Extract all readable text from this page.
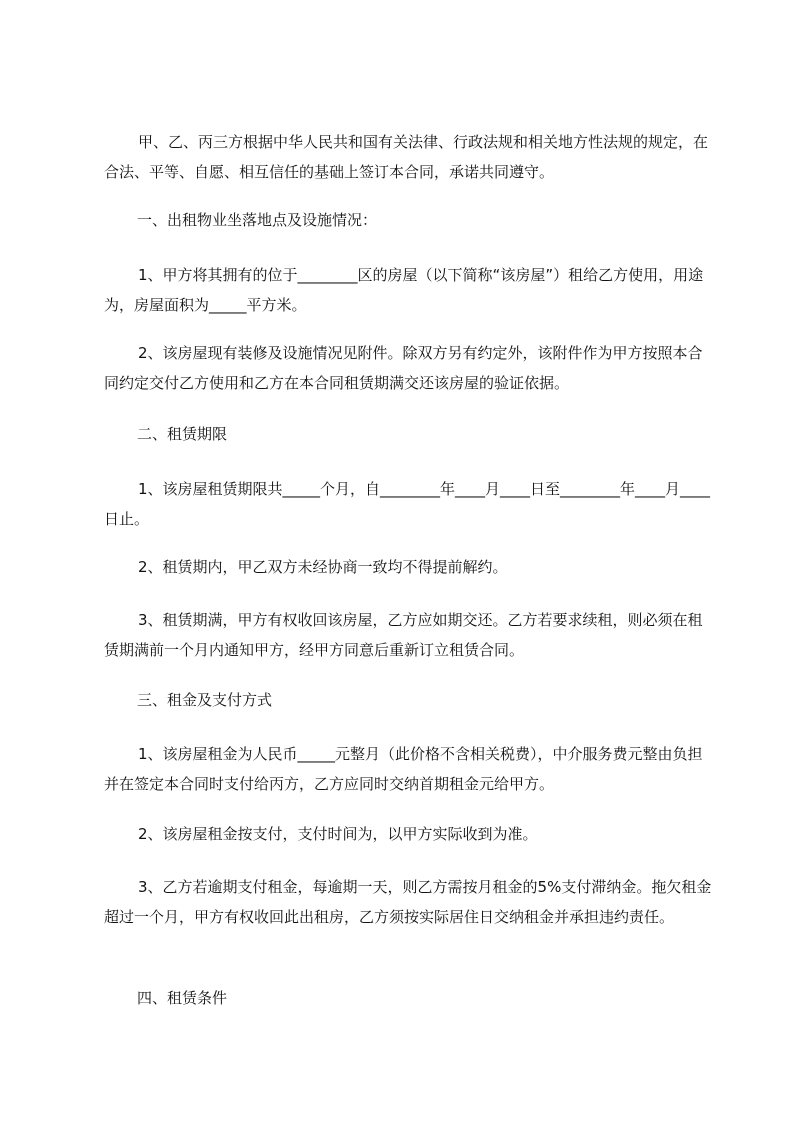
甲、乙、丙三方根据中华人民共和国有关法律、行政法规和相关地方性法规的规定，在合法、平等、自愿、相互信任的基础上签订本合同，承诺共同遵守。

一、出租物业坐落地点及设施情况：

1、甲方将其拥有的位于________区的房屋（以下简称“该房屋”）租给乙方使用，用途为，房屋面积为_____平方米。

2、该房屋现有装修及设施情况见附件。除双方另有约定外，该附件作为甲方按照本合同约定交付乙方使用和乙方在本合同租赁期满交还该房屋的验证依据。

二、租赁期限

1、该房屋租赁期限共_____个月，自________年____月____日至________年____月____日止。

2、租赁期内，甲乙双方未经协商一致均不得提前解约。

3、租赁期满，甲方有权收回该房屋，乙方应如期交还。乙方若要求续租，则必须在租赁期满前一个月内通知甲方，经甲方同意后重新订立租赁合同。

三、租金及支付方式

1、该房屋租金为人民币_____元整月（此价格不含相关税费），中介服务费元整由负担并在签定本合同时支付给丙方，乙方应同时交纳首期租金元给甲方。

2、该房屋租金按支付，支付时间为，以甲方实际收到为准。

3、乙方若逾期支付租金，每逾期一天，则乙方需按月租金的5%支付滞纳金。拖欠租金超过一个月，甲方有权收回此出租房，乙方须按实际居住日交纳租金并承担违约责任。

四、租赁条件
